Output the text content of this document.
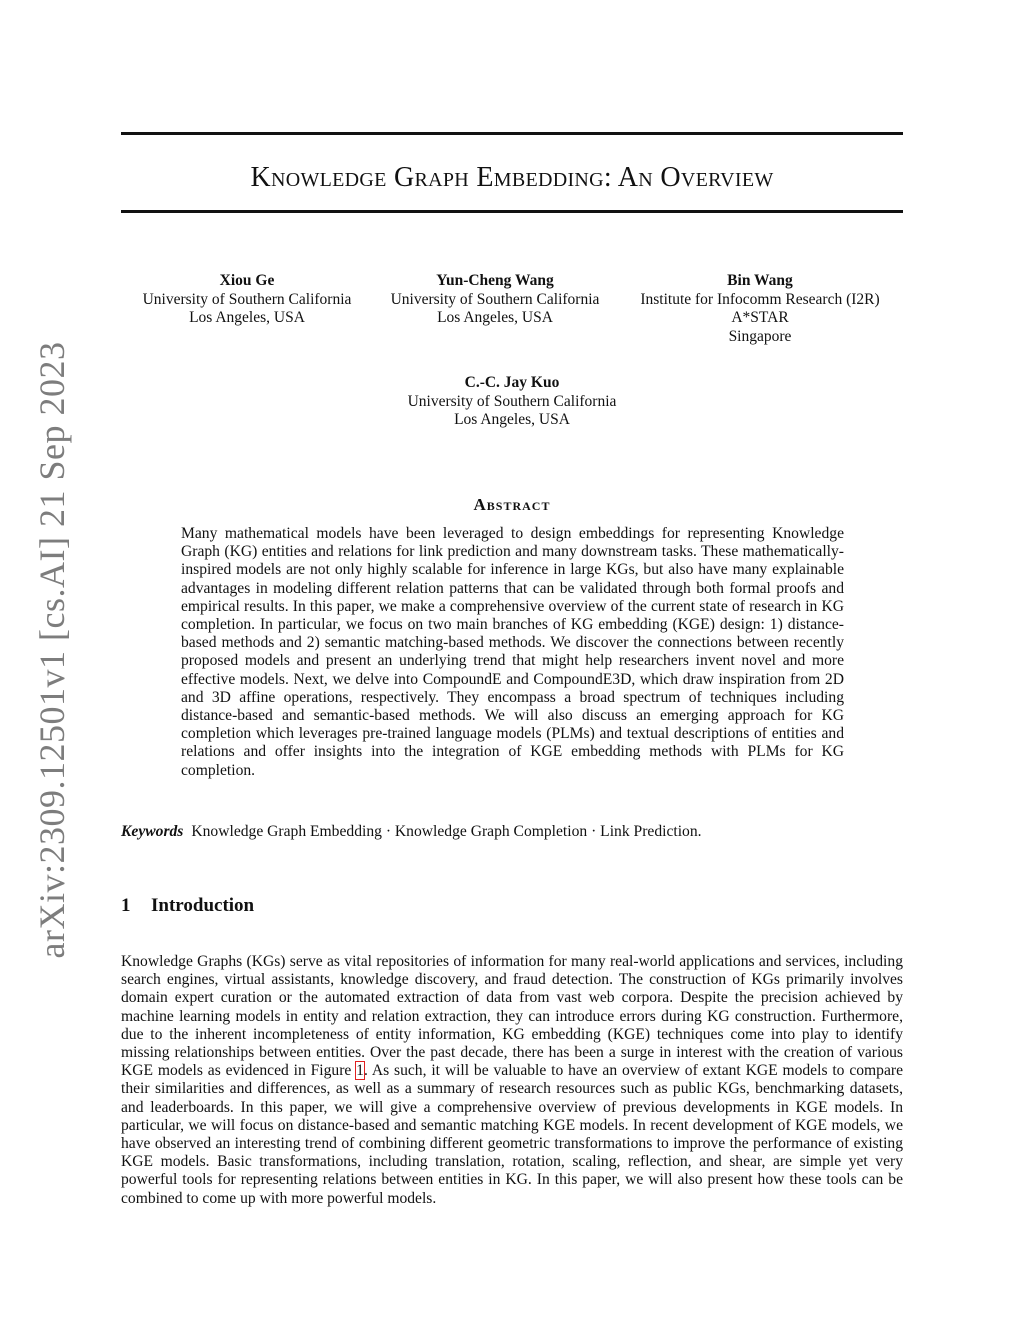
arXiv:2309.12501v1 [cs.AI] 21 Sep 2023
Knowledge Graph Embedding: An Overview
Xiou Ge
University of Southern California
Los Angeles, USA
Yun-Cheng Wang
University of Southern California
Los Angeles, USA
Bin Wang
Institute for Infocomm Research (I2R)
A*STAR
Singapore
C.-C. Jay Kuo
University of Southern California
Los Angeles, USA
Abstract

Many mathematical models have been leveraged to design embeddings for representing Knowledge Graph (KG) entities and relations for link prediction and many downstream tasks. These mathematically-inspired models are not only highly scalable for inference in large KGs, but also have many explainable advantages in modeling different relation patterns that can be validated through both formal proofs and empirical results. In this paper, we make a comprehensive overview of the current state of research in KG completion. In particular, we focus on two main branches of KG embedding (KGE) design: 1) distance-based methods and 2) semantic matching-based methods. We discover the connections between recently proposed models and present an underlying trend that might help researchers invent novel and more effective models. Next, we delve into CompoundE and CompoundE3D, which draw inspiration from 2D and 3D affine operations, respectively. They encompass a broad spectrum of techniques including distance-based and semantic-based methods. We will also discuss an emerging approach for KG completion which leverages pre-trained language models (PLMs) and textual descriptions of entities and relations and offer insights into the integration of KGE embedding methods with PLMs for KG completion.

Keywords Knowledge Graph Embedding · Knowledge Graph Completion · Link Prediction.
1 Introduction

Knowledge Graphs (KGs) serve as vital repositories of information for many real-world applications and services, including search engines, virtual assistants, knowledge discovery, and fraud detection. The construction of KGs primarily involves domain expert curation or the automated extraction of data from vast web corpora. Despite the precision achieved by machine learning models in entity and relation extraction, they can introduce errors during KG construction. Furthermore, due to the inherent incompleteness of entity information, KG embedding (KGE) techniques come into play to identify missing relationships between entities. Over the past decade, there has been a surge in interest with the creation of various KGE models as evidenced in Figure 1. As such, it will be valuable to have an overview of extant KGE models to compare their similarities and differences, as well as a summary of research resources such as public KGs, benchmarking datasets, and leaderboards. In this paper, we will give a comprehensive overview of previous developments in KGE models. In particular, we will focus on distance-based and semantic matching KGE models. In recent development of KGE models, we have observed an interesting trend of combining different geometric transformations to improve the performance of existing KGE models. Basic transformations, including translation, rotation, scaling, reflection, and shear, are simple yet very powerful tools for representing relations between entities in KG. In this paper, we will also present how these tools can be combined to come up with more powerful models.
